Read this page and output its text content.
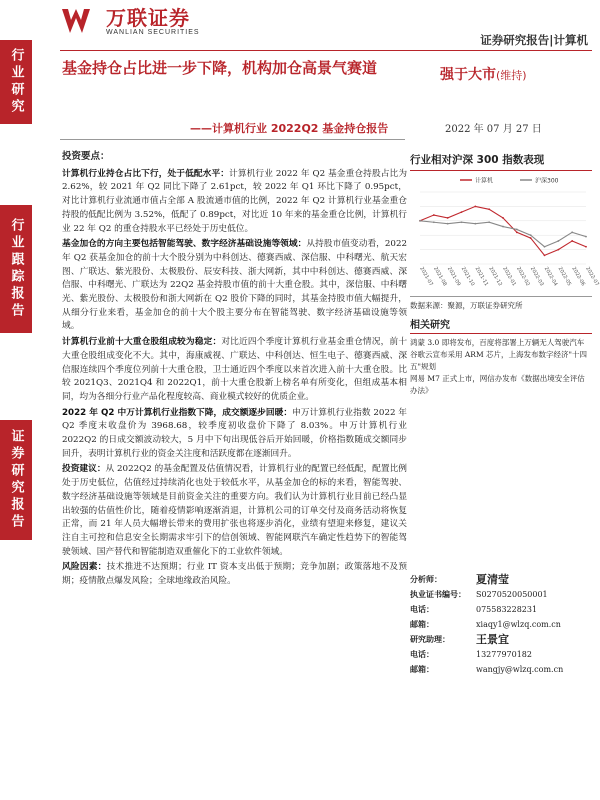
行业研究
行业跟踪报告
证券研究报告
万联证券
WANLIAN SECURITIES
证券研究报告|计算机
基金持仓占比进一步下降，机构加仓高景气赛道
——计算机行业 2022Q2 基金持仓报告
强于大市(维持)
2022 年 07 月 27 日
投资要点：

计算机行业持仓占比下行，处于低配水平：计算机行业 2022 年 Q2 基金重仓持股占比为 2.62%，较 2021 年 Q2 同比下降了 2.61pct，较 2022 年 Q1 环比下降了 0.95pct，对比计算机行业流通市值占全部 A 股流通市值的比例，2022 年 Q2 计算机行业基金重仓持股的低配比例为 3.52%，低配了 0.89pct，对比近 10 年来的基金重仓比例，计算机行业 22 年 Q2 的重仓持股水平已经处于历史低位。

基金加仓的方向主要包括智能驾驶、数字经济基础设施等领域：从持股市值变动看，2022 年 Q2 获基金加仓的前十大个股分别为中科创达、德赛西威、深信服、中科曙光、航天宏图、广联达、紫光股份、太极股份、辰安科技、浙大网新，其中中科创达、德赛西威、深信服、中科曙光、广联达为 22Q2 基金持股市值的前十大重仓股。其中，深信服、中科曙光、紫光股份、太极股份和浙大网新在 Q2 股价下降的同时，其基金持股市值大幅提升，从细分行业来看，基金加仓的前十大个股主要分布在智能驾驶、数字经济基础设施等领域。

计算机行业前十大重仓股组成较为稳定：对比近四个季度计算机行业基金重仓情况，前十大重仓股组成变化不大。其中，海康威视、广联达、中科创达、恒生电子、德赛西威、深信服连续四个季度位列前十大重仓股，卫士通近四个季度以来首次进入前十大重仓股。比较 2021Q3、2021Q4 和 2022Q1，前十大重仓股新上榜名单有所变化，但组成基本相同，均为各细分行业产品化程度较高、商业模式较好的优质企业。

2022 年 Q2 中万计算机行业指数下降，成交额逐步回暖：申万计算机行业指数 2022 年 Q2 季度末收盘价为 3968.68，较季度初收盘价下降了 8.03%。申万计算机行业 2022Q2 的日成交额波动较大，5 月中下旬出现低谷后开始回暖，价格指数随成交额同步回升，表明计算机行业的资金关注度和活跃度都在逐渐回升。

投资建议：从 2022Q2 的基金配置及估值情况看，计算机行业的配置已经低配，配置比例处于历史低位，估值经过持续消化也处于较低水平，从基金加仓的标的来看，智能驾驶、数字经济基础设施等领域是目前资金关注的重要方向。我们认为计算机行业目前已经凸显出较强的估值性价比，随着疫情影响逐渐消退，计算机公司的订单交付及商务活动将恢复正常，而 21 年人员大幅增长带来的费用扩张也将逐步消化，业绩有望迎来修复，建议关注自主可控和信息安全长期需求牢引下的信创领域、智能网联汽车确定性趋势下的智能驾驶领域、国产替代和智能制造双重催化下的工业软件领域。

风险因素：技术推进不达预期；行业 IT 资本支出低于预期；竞争加剧；政策落地不及预期；疫情散点爆发风险；全球地缘政治风险。

行业相对沪深 300 指数表现
计算机	沪深300
2021-07
2021-08
2021-09
2021-10
2021-11
2021-12
2022-01
2022-02
2022-03
2022-04
2022-05
2022-06
2022-07
数据来源：聚源，万联证券研究所
相关研究

鸿蒙 3.0 即将发布，百度将部署上万辆无人驾驶汽车

谷歌云宣布采用 ARM 芯片，上海发布数字经济"十四五"规划

网易 M7 正式上市，网信办发布《数据出境安全评估办法》

分析师：	夏清莹
执业证书编号：	S0270520050001
电话：	075583228231
邮箱：	xiaqy1@wlzq.com.cn
研究助理：	王景宜
电话：	13277970182
邮箱：	wangjy@wlzq.com.cn
